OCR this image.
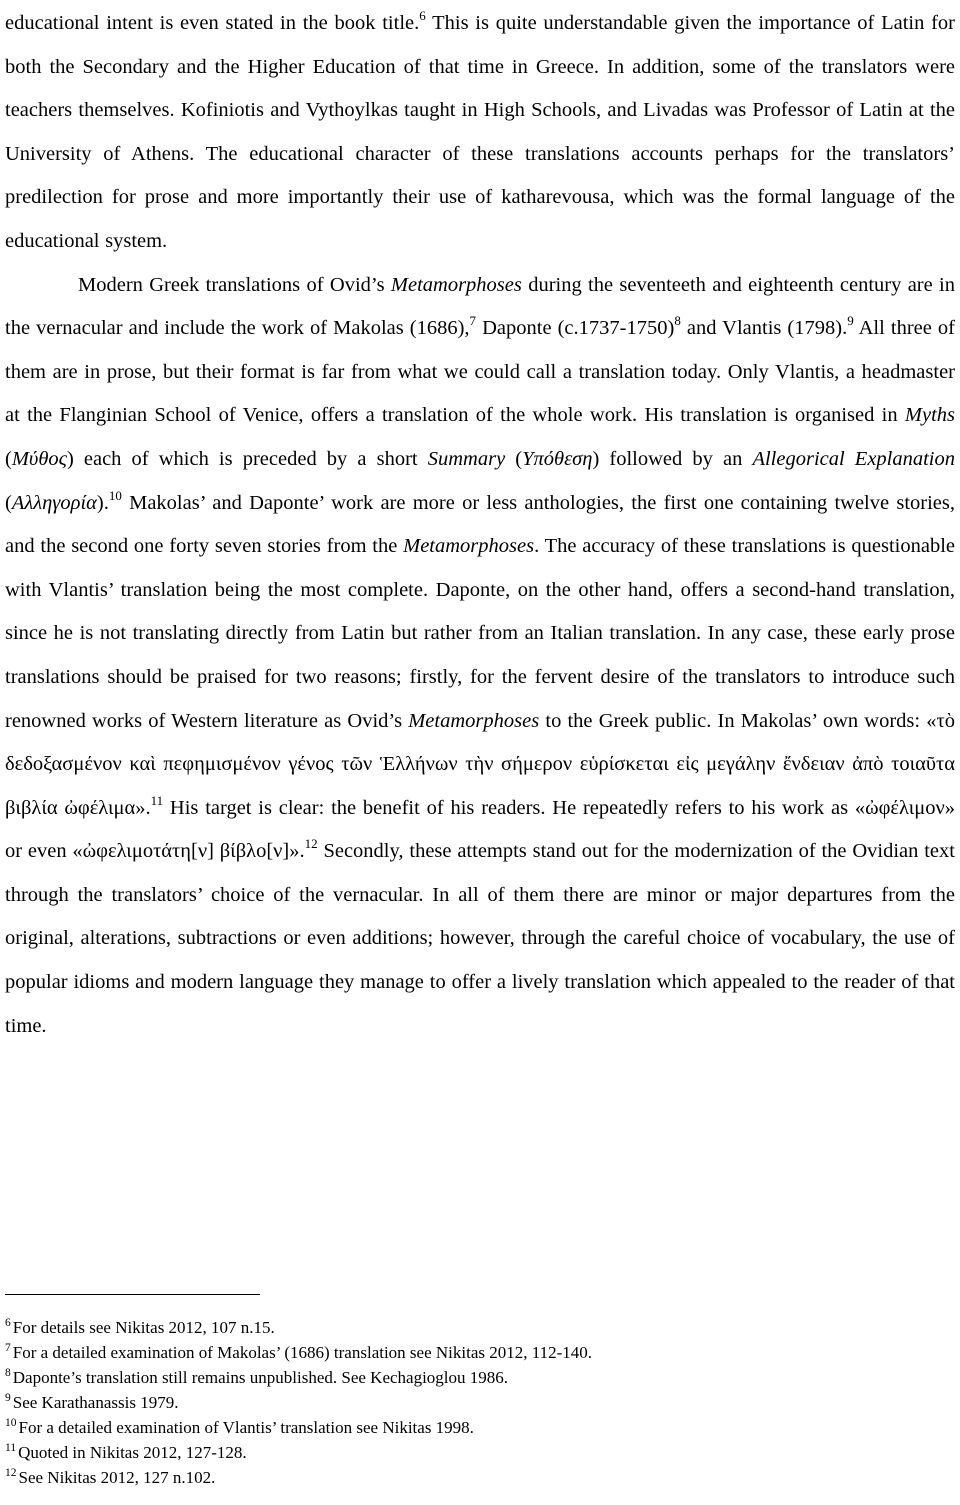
educational intent is even stated in the book title.$^6$ This is quite understandable given the importance of Latin for both the Secondary and the Higher Education of that time in Greece. In addition, some of the translators were teachers themselves. Kofiniotis and Vythoylkas taught in High Schools, and Livadas was Professor of Latin at the University of Athens. The educational character of these translations accounts perhaps for the translators’ predilection for prose and more importantly their use of katharevousa, which was the formal language of the educational system.

Modern Greek translations of Ovid’s Metamorphoses during the seventeeth and eighteenth century are in the vernacular and include the work of Makolas (1686),$^7$ Daponte $(c.1737-1750)^8$ and Vlantis (1798).$^9$ All three of them are in prose, but their format is far from what we could call a translation today. Only Vlantis, a headmaster at the Flanginian School of Venice, offers a translation of the whole work. His translation is organised in Myths (Μύθος) each of which is preceded by a short Summary (Υπόθεση) followed by an Allegorical Explanation (Αλληγορία).$^{10}$ Makolas’ and Daponte’ work are more or less anthologies, the first one containing twelve stories, and the second one forty seven stories from the Metamorphoses. The accuracy of these translations is questionable with Vlantis’ translation being the most complete. Daponte, on the other hand, offers a second-hand translation, since he is not translating directly from Latin but rather from an Italian translation. In any case, these early prose translations should be praised for two reasons; firstly, for the fervent desire of the translators to introduce such renowned works of Western literature as Ovid’s Metamorphoses to the Greek public. In Makolas’ own words: «τὸ δεδοξασμένον καὶ πεφημισμένον γένος τῶν Ἑλλήνων τὴν σήμερον εὑρίσκεται εἰς μεγάλην ἔνδειαν ἀπὸ τοιαῦτα βιβλία ὠφέλιμα».$^{11}$ His target is clear: the benefit of his readers. He repeatedly refers to his work as «ὠφέλιμον» or even «ὠφελιμοτάτη[ν] βίβλο[ν]».$^{12}$ Secondly, these attempts stand out for the modernization of the Ovidian text through the translators’ choice of the vernacular. In all of them there are minor or major departures from the original, alterations, subtractions or even additions; however, through the careful choice of vocabulary, the use of popular idioms and modern language they manage to offer a lively translation which appealed to the reader of that time.

$^6$ For details see Nikitas 2012, 107 n.15.
$^7$ For a detailed examination of Makolas’ (1686) translation see Nikitas 2012, 112-140.
$^8$ Daponte’s translation still remains unpublished. See Kechagioglou 1986.
$^9$ See Karathanassis 1979.
$^{10}$ For a detailed examination of Vlantis’ translation see Nikitas 1998.
$^{11}$ Quoted in Nikitas 2012, 127-128.
$^{12}$ See Nikitas 2012, 127 n.102.
